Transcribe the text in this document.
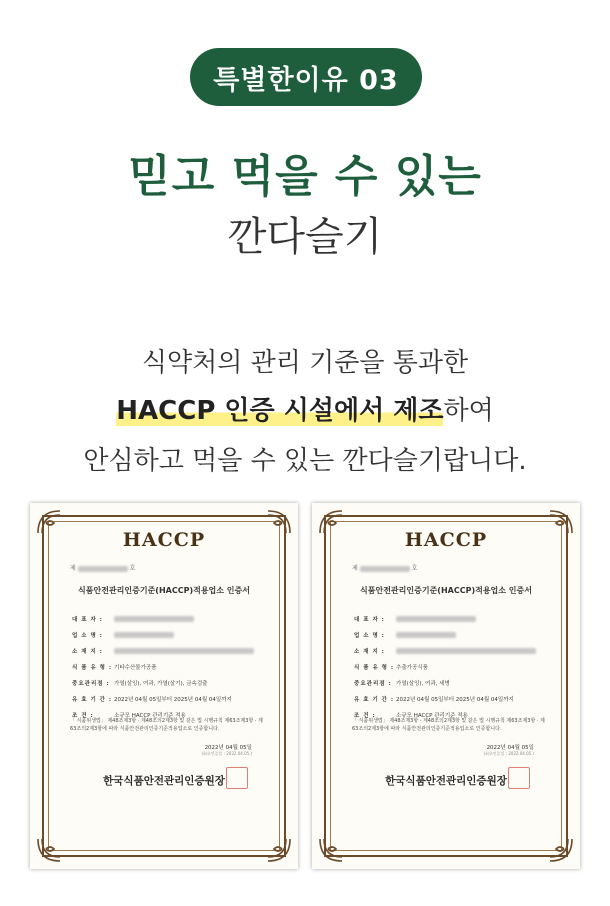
특별한이유 03
믿고 먹을 수 있는
깐다슬기
식약처의 관리 기준을 통과한
HACCP 인증 시설에서 제조하여
안심하고 먹을 수 있는 깐다슬기랍니다.
HACCP
제	호
식품안전관리인증기준(HACCP)적용업소 인증서
대 표 자 :
업 소 명 :
소 재 지 :
식 품 유 형 : 기타수산물가공품
중요관리점 : 가열(살잉), 여과, 가열(살기), 금속검출
유 효 기 간 : 2022년 04월 05일부터 2025년 04월 04일까지
조 건 :	소규모 HACCP 관리기준 적용
「 식품위생법」 제48조제3항 · 제48조의2제3항 및 같은 법 시행규칙 제63조제3항 · 제63조의2제3항에 따라 식품안전관리인증기준적용업소로 인증합니다.
2022년 04월 05일
(최초인증일 : 2022.04.05.)
한국식품안전관리인증원장
HACCP
제	호
식품안전관리인증기준(HACCP)적용업소 인증서
대 표 자 :
업 소 명 :
소 재 지 :
식 품 유 형 : 추출가공식품
중요관리점 : 가열(살잉), 여과, 세병
유 효 기 간 : 2022년 04월 05일부터 2025년 04월 04일까지
조 건 :	소규모 HACCP 관리기준 적용
「 식품위생법」 제48조제3항 · 제48조의2제3항 및 같은 법 시행규칙 제63조제3항 · 제63조의2제3항에 따라 식품안전관리인증기준적용업소로 인증합니다.
2022년 04월 05일
(최초인증일 : 2022.04.05.)
한국식품안전관리인증원장
